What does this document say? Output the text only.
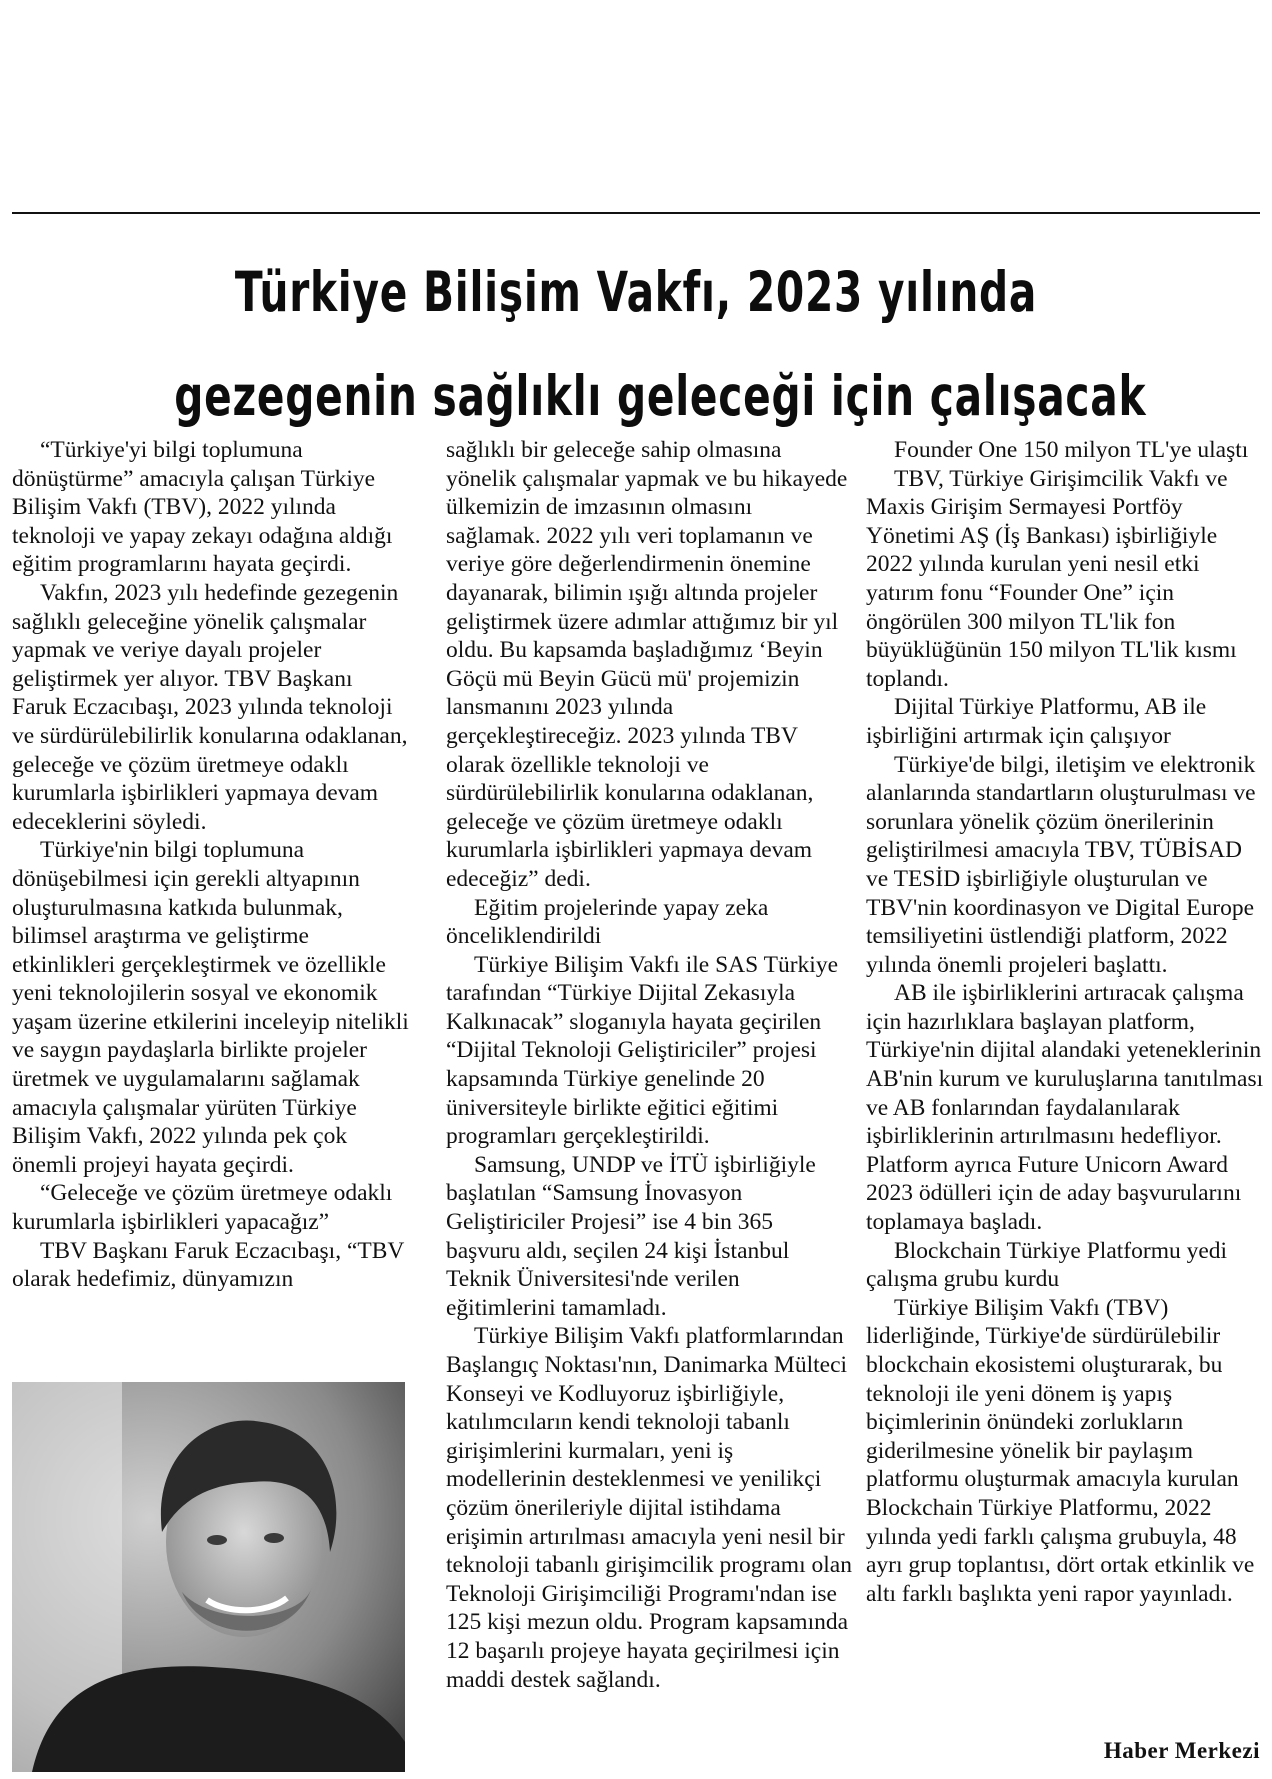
Türkiye Bilişim Vakfı, 2023 yılında
gezegenin sağlıklı geleceği için çalışacak

“Türkiye'yi bilgi toplumuna dönüştürme” amacıyla çalışan Türkiye Bilişim Vakfı (TBV), 2022 yılında teknoloji ve yapay zekayı odağına aldığı eğitim programlarını hayata geçirdi.

Vakfın, 2023 yılı hedefinde gezegenin sağlıklı geleceğine yönelik çalışmalar yapmak ve veriye dayalı projeler geliştirmek yer alıyor. TBV Başkanı Faruk Eczacıbaşı, 2023 yılında teknoloji ve sürdürülebilirlik konularına odaklanan, geleceğe ve çözüm üretmeye odaklı kurumlarla işbirlikleri yapmaya devam edeceklerini söyledi.

Türkiye'nin bilgi toplumuna dönüşebilmesi için gerekli altyapının oluşturulmasına katkıda bulunmak, bilimsel araştırma ve geliştirme etkinlikleri gerçekleştirmek ve özellikle yeni teknolojilerin sosyal ve ekonomik yaşam üzerine etkilerini inceleyip nitelikli ve saygın paydaşlarla birlikte projeler üretmek ve uygulamalarını sağlamak amacıyla çalışmalar yürüten Türkiye Bilişim Vakfı, 2022 yılında pek çok önemli projeyi hayata geçirdi.

“Geleceğe ve çözüm üretmeye odaklı kurumlarla işbirlikleri yapacağız”

TBV Başkanı Faruk Eczacıbaşı, “TBV olarak hedefimiz, dünyamızın

sağlıklı bir geleceğe sahip olmasına yönelik çalışmalar yapmak ve bu hikayede ülkemizin de imzasının olmasını sağlamak. 2022 yılı veri toplamanın ve veriye göre değerlendirmenin önemine dayanarak, bilimin ışığı altında projeler geliştirmek üzere adımlar attığımız bir yıl oldu. Bu kapsamda başladığımız ‘Beyin Göçü mü Beyin Gücü mü' projemizin lansmanını 2023 yılında gerçekleştireceğiz. 2023 yılında TBV olarak özellikle teknoloji ve sürdürülebilirlik konularına odaklanan, geleceğe ve çözüm üretmeye odaklı kurumlarla işbirlikleri yapmaya devam edeceğiz” dedi.

Eğitim projelerinde yapay zeka önceliklendirildi

Türkiye Bilişim Vakfı ile SAS Türkiye tarafından “Türkiye Dijital Zekasıyla Kalkınacak” sloganıyla hayata geçirilen “Dijital Teknoloji Geliştiriciler” projesi kapsamında Türkiye genelinde 20 üniversiteyle birlikte eğitici eğitimi programları gerçekleştirildi.

Samsung, UNDP ve İTÜ işbirliğiyle başlatılan “Samsung İnovasyon Geliştiriciler Projesi” ise 4 bin 365 başvuru aldı, seçilen 24 kişi İstanbul Teknik Üniversitesi'nde verilen eğitimlerini tamamladı.

Türkiye Bilişim Vakfı platformlarından Başlangıç Noktası'nın, Danimarka Mülteci Konseyi ve Kodluyoruz işbirliğiyle, katılımcıların kendi teknoloji tabanlı girişimlerini kurmaları, yeni iş modellerinin desteklenmesi ve yenilikçi çözüm önerileriyle dijital istihdama erişimin artırılması amacıyla yeni nesil bir teknoloji tabanlı girişimcilik programı olan Teknoloji Girişimciliği Programı'ndan ise 125 kişi mezun oldu. Program kapsamında 12 başarılı projeye hayata geçirilmesi için maddi destek sağlandı.

Founder One 150 milyon TL'ye ulaştı

TBV, Türkiye Girişimcilik Vakfı ve Maxis Girişim Sermayesi Portföy Yönetimi AŞ (İş Bankası) işbirliğiyle 2022 yılında kurulan yeni nesil etki yatırım fonu “Founder One” için öngörülen 300 milyon TL'lik fon büyüklüğünün 150 milyon TL'lik kısmı toplandı.

Dijital Türkiye Platformu, AB ile işbirliğini artırmak için çalışıyor

Türkiye'de bilgi, iletişim ve elektronik alanlarında standartların oluşturulması ve sorunlara yönelik çözüm önerilerinin geliştirilmesi amacıyla TBV, TÜBİSAD ve TESİD işbirliğiyle oluşturulan ve TBV'nin koordinasyon ve Digital Europe temsiliyetini üstlendiği platform, 2022 yılında önemli projeleri başlattı.

AB ile işbirliklerini artıracak çalışma için hazırlıklara başlayan platform, Türkiye'nin dijital alandaki yeteneklerinin AB'nin kurum ve kuruluşlarına tanıtılması ve AB fonlarından faydalanılarak işbirliklerinin artırılmasını hedefliyor.

Platform ayrıca Future Unicorn Award 2023 ödülleri için de aday başvurularını toplamaya başladı.

Blockchain Türkiye Platformu yedi çalışma grubu kurdu

Türkiye Bilişim Vakfı (TBV) liderliğinde, Türkiye'de sürdürülebilir blockchain ekosistemi oluşturarak, bu teknoloji ile yeni dönem iş yapış biçimlerinin önündeki zorlukların giderilmesine yönelik bir paylaşım platformu oluşturmak amacıyla kurulan Blockchain Türkiye Platformu, 2022 yılında yedi farklı çalışma grubuyla, 48 ayrı grup toplantısı, dört ortak etkinlik ve altı farklı başlıkta yeni rapor yayınladı.

Haber Merkezi
